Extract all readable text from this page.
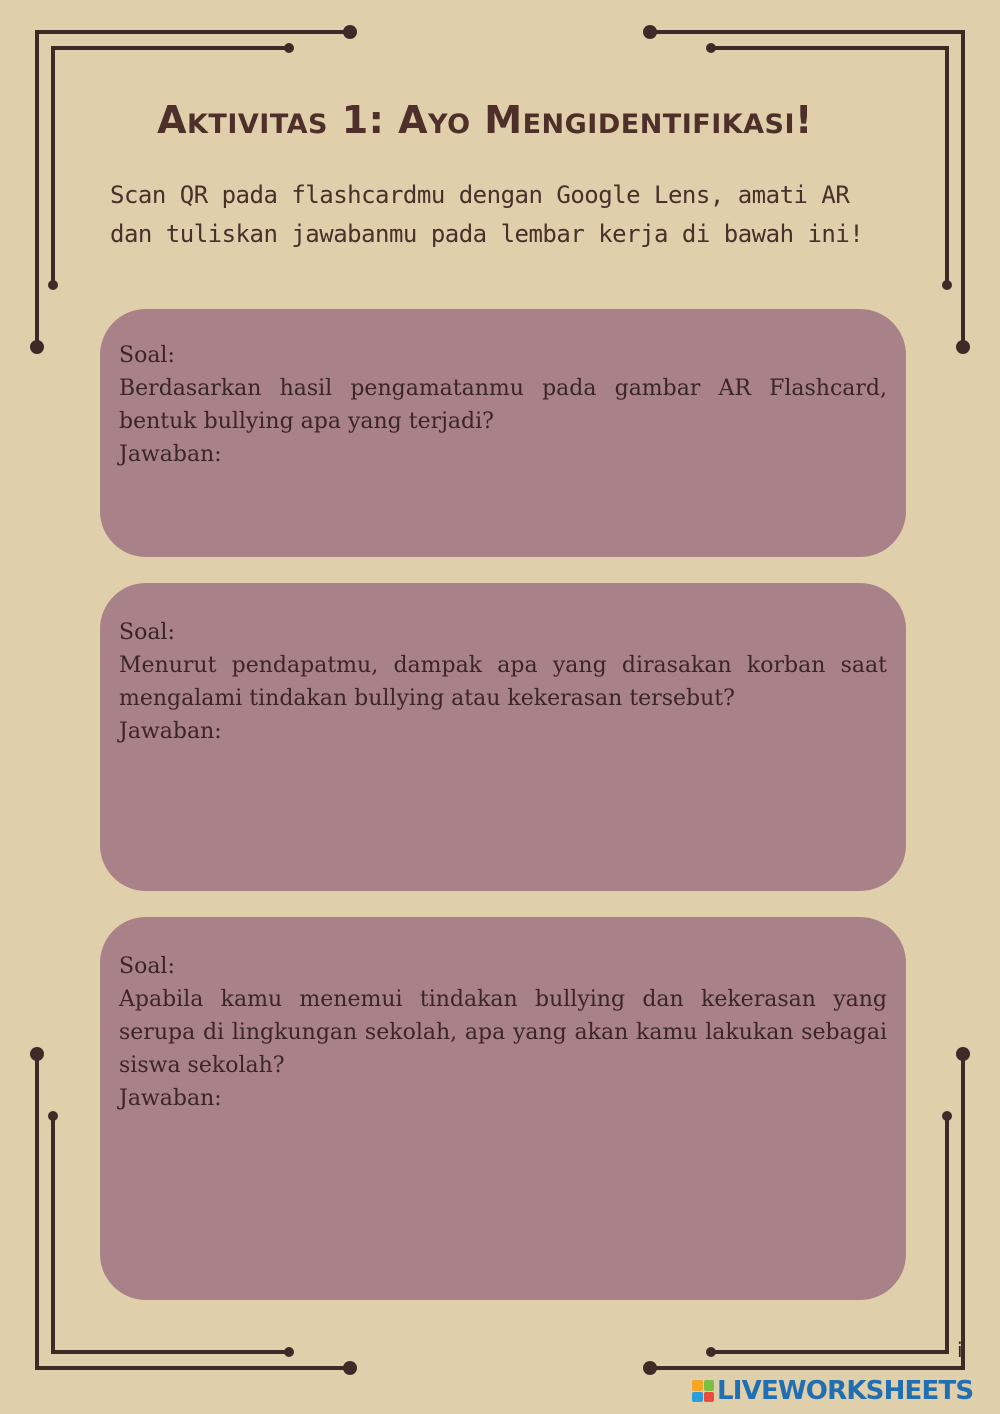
Aktivitas 1: Ayo Mengidentifikasi!
Scan QR pada flashcardmu dengan Google Lens, amati AR
dan tuliskan jawabanmu pada lembar kerja di bawah ini!
Soal:
Berdasarkan hasil pengamatanmu pada gambar AR Flashcard, bentuk bullying apa yang terjadi?
Jawaban:
Soal:
Menurut pendapatmu, dampak apa yang dirasakan korban saat mengalami tindakan bullying atau kekerasan tersebut?
Jawaban:
Soal:
Apabila kamu menemui tindakan bullying dan kekerasan yang serupa di lingkungan sekolah, apa yang akan kamu lakukan sebagai siswa sekolah?
Jawaban:
i
LIVEWORKSHEETS
